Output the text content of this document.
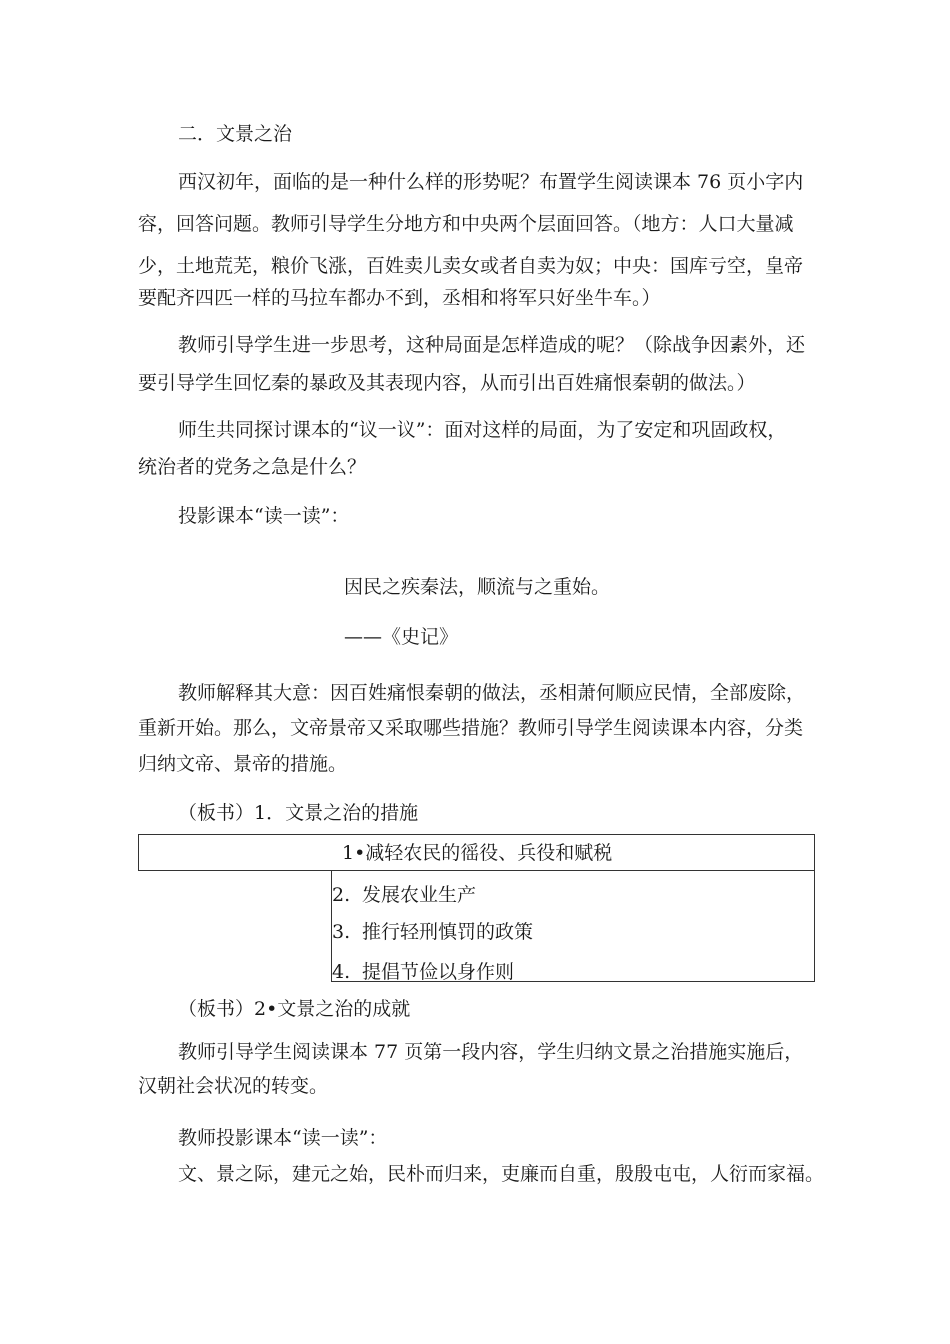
二．文景之治
西汉初年，面临的是一种什么样的形势呢？布置学生阅读课本 76 页小字内
容，回答问题。教师引导学生分地方和中央两个层面回答。（地方：人口大量减
少，土地荒芜，粮价飞涨，百姓卖儿卖女或者自卖为奴；中央：国库亏空，皇帝
要配齐四匹一样的马拉车都办不到，丞相和将军只好坐牛车。）
教师引导学生进一步思考，这种局面是怎样造成的呢？（除战争因素外，还
要引导学生回忆秦的暴政及其表现内容，从而引出百姓痛恨秦朝的做法。）
师生共同探讨课本的“议一议”：面对这样的局面，为了安定和巩固政权，
统治者的党务之急是什么？
投影课本“读一读”：
因民之疾秦法，顺流与之重始。
——《史记》
教师解释其大意：因百姓痛恨秦朝的做法，丞相萧何顺应民情，全部废除，
重新开始。那么，文帝景帝又采取哪些措施？教师引导学生阅读课本内容，分类
归纳文帝、景帝的措施。
（板书）1．文景之治的措施
1•减轻农民的徭役、兵役和赋税
2. 发展农业生产
3. 推行轻刑慎罚的政策
4. 提倡节俭以身作则
（板书）2•文景之治的成就
教师引导学生阅读课本 77 页第一段内容，学生归纳文景之治措施实施后，
汉朝社会状况的转变。
教师投影课本“读一读”：
文、景之际，建元之始，民朴而归来，吏廉而自重，殷殷屯屯，人衍而家福。
